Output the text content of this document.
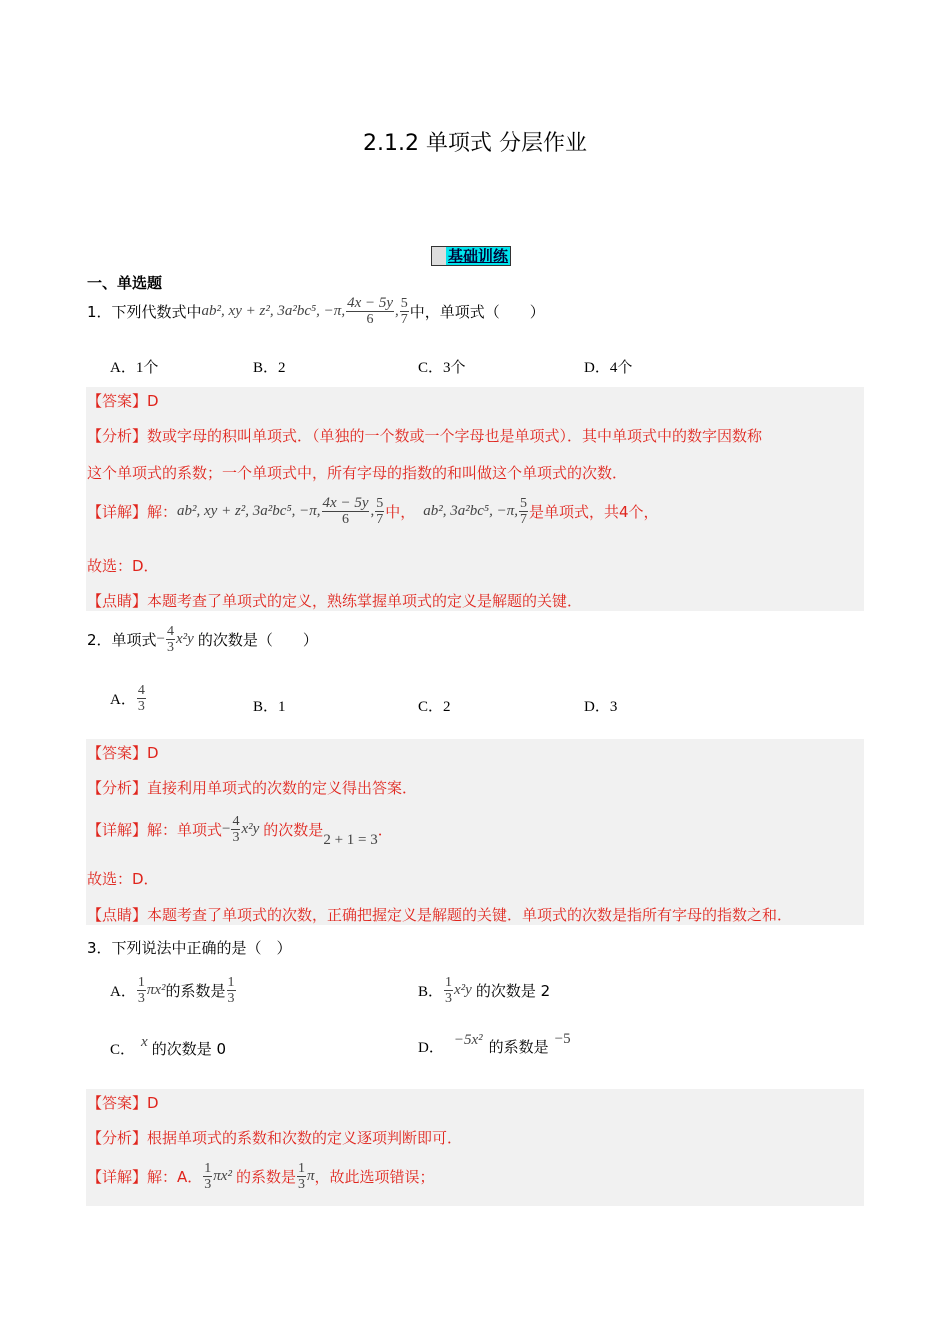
2.1.2 单项式 分层作业
基础训练
一、单选题
1．下列代数式中 ab², xy + z², 3a²bc⁵, −π, $\frac{4x - 5y}{6}$ , $\frac{5}{7}$ 中，单项式（　　）
A．1个	B．2	C．3个	D．4个
【答案】D
【分析】数或字母的积叫单项式．（单独的一个数或一个字母也是单项式）．其中单项式中的数字因数称
这个单项式的系数；一个单项式中，所有字母的指数的和叫做这个单项式的次数．
【详解】解： ab², xy + z², 3a²bc⁵, −π, $\frac{4x - 5y}{6}$ , $\frac{5}{7}$ 中， ab², 3a²bc⁵, −π, $\frac{5}{7}$ 是单项式，共4个，
故选：D．
【点睛】本题考查了单项式的定义，熟练掌握单项式的定义是解题的关键．
2．单项式 − $\frac{4}{3} x^2y$ 的次数是（　　）
A． $\frac{4}{3}$	B．1	C．2	D．3
【答案】D
【分析】直接利用单项式的次数的定义得出答案．
【详解】解：单项式 − $\frac{4}{3} x^2y$ 的次数是
2 + 1 = 3
．
故选：D．
【点睛】本题考查了单项式的次数，正确把握定义是解题的关键．单项式的次数是指所有字母的指数之和．
3．下列说法中正确的是（　）
A． $\frac{1}{3} \pi x^2$ 的系数是 $\frac{1}{3}$	B． $\frac{1}{3} x^2y$ 的次数是 2
C． x 的次数是 0	D． −5x² 的系数是 −5
【答案】D
【分析】根据单项式的系数和次数的定义逐项判断即可．
【详解】解：A． $\frac{1}{3} \pi x^2$ 的系数是 $\frac{1}{3}$ π ，故此选项错误；
